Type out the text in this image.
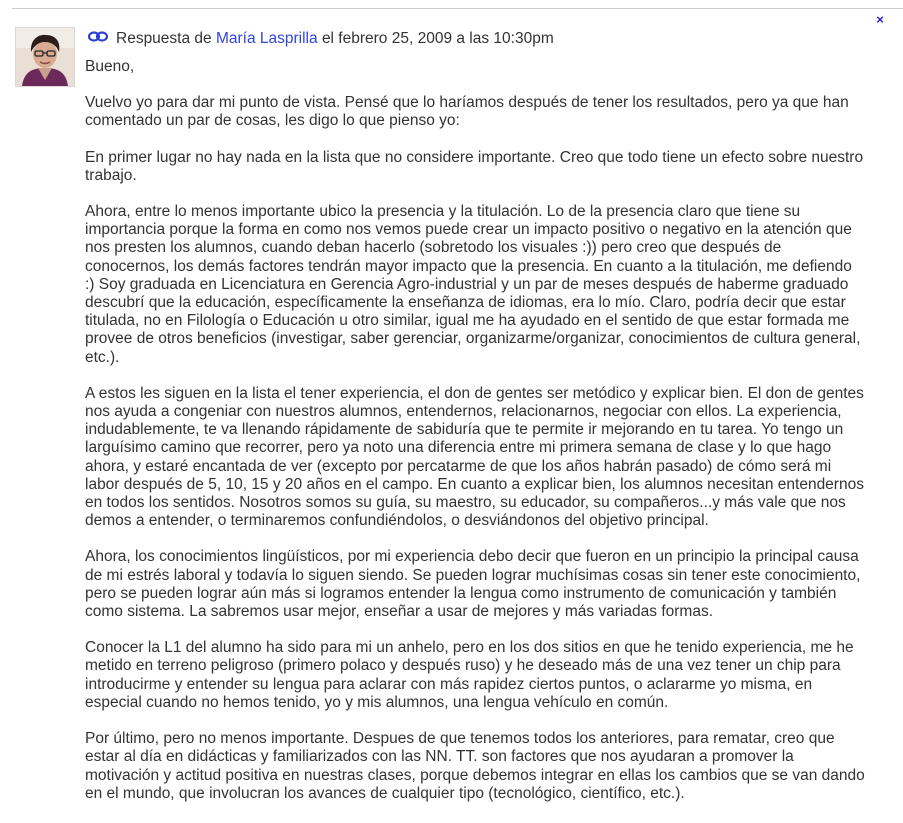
×
Respuesta de María Lasprilla el febrero 25, 2009 a las 10:30pm

Bueno,

Vuelvo yo para dar mi punto de vista. Pensé que lo haríamos después de tener los resultados, pero ya que han comentado un par de cosas, les digo lo que pienso yo:

En primer lugar no hay nada en la lista que no considere importante. Creo que todo tiene un efecto sobre nuestro trabajo.

Ahora, entre lo menos importante ubico la presencia y la titulación. Lo de la presencia claro que tiene su importancia porque la forma en como nos vemos puede crear un impacto positivo o negativo en la atención que nos presten los alumnos, cuando deban hacerlo (sobretodo los visuales :)) pero creo que después de conocernos, los demás factores tendrán mayor impacto que la presencia. En cuanto a la titulación, me defiendo :) Soy graduada en Licenciatura en Gerencia Agro-industrial y un par de meses después de haberme graduado descubrí que la educación, específicamente la enseñanza de idiomas, era lo mío. Claro, podría decir que estar titulada, no en Filología o Educación u otro similar, igual me ha ayudado en el sentido de que estar formada me provee de otros beneficios (investigar, saber gerenciar, organizarme/organizar, conocimientos de cultura general, etc.).

A estos les siguen en la lista el tener experiencia, el don de gentes ser metódico y explicar bien. El don de gentes nos ayuda a congeniar con nuestros alumnos, entendernos, relacionarnos, negociar con ellos. La experiencia, indudablemente, te va llenando rápidamente de sabiduría que te permite ir mejorando en tu tarea. Yo tengo un larguísimo camino que recorrer, pero ya noto una diferencia entre mi primera semana de clase y lo que hago ahora, y estaré encantada de ver (excepto por percatarme de que los años habrán pasado) de cómo será mi labor después de 5, 10, 15 y 20 años en el campo. En cuanto a explicar bien, los alumnos necesitan entendernos en todos los sentidos. Nosotros somos su guía, su maestro, su educador, su compañeros...y más vale que nos demos a entender, o terminaremos confundiéndolos, o desviándonos del objetivo principal.

Ahora, los conocimientos lingüísticos, por mi experiencia debo decir que fueron en un principio la principal causa de mi estrés laboral y todavía lo siguen siendo. Se pueden lograr muchísimas cosas sin tener este conocimiento, pero se pueden lograr aún más si logramos entender la lengua como instrumento de comunicación y también como sistema. La sabremos usar mejor, enseñar a usar de mejores y más variadas formas.

Conocer la L1 del alumno ha sido para mi un anhelo, pero en los dos sitios en que he tenido experiencia, me he metido en terreno peligroso (primero polaco y después ruso) y he deseado más de una vez tener un chip para introducirme y entender su lengua para aclarar con más rapidez ciertos puntos, o aclararme yo misma, en especial cuando no hemos tenido, yo y mis alumnos, una lengua vehículo en común.

Por último, pero no menos importante. Despues de que tenemos todos los anteriores, para rematar, creo que estar al día en didácticas y familiarizados con las NN. TT. son factores que nos ayudaran a promover la motivación y actitud positiva en nuestras clases, porque debemos integrar en ellas los cambios que se van dando en el mundo, que involucran los avances de cualquier tipo (tecnológico, científico, etc.).
